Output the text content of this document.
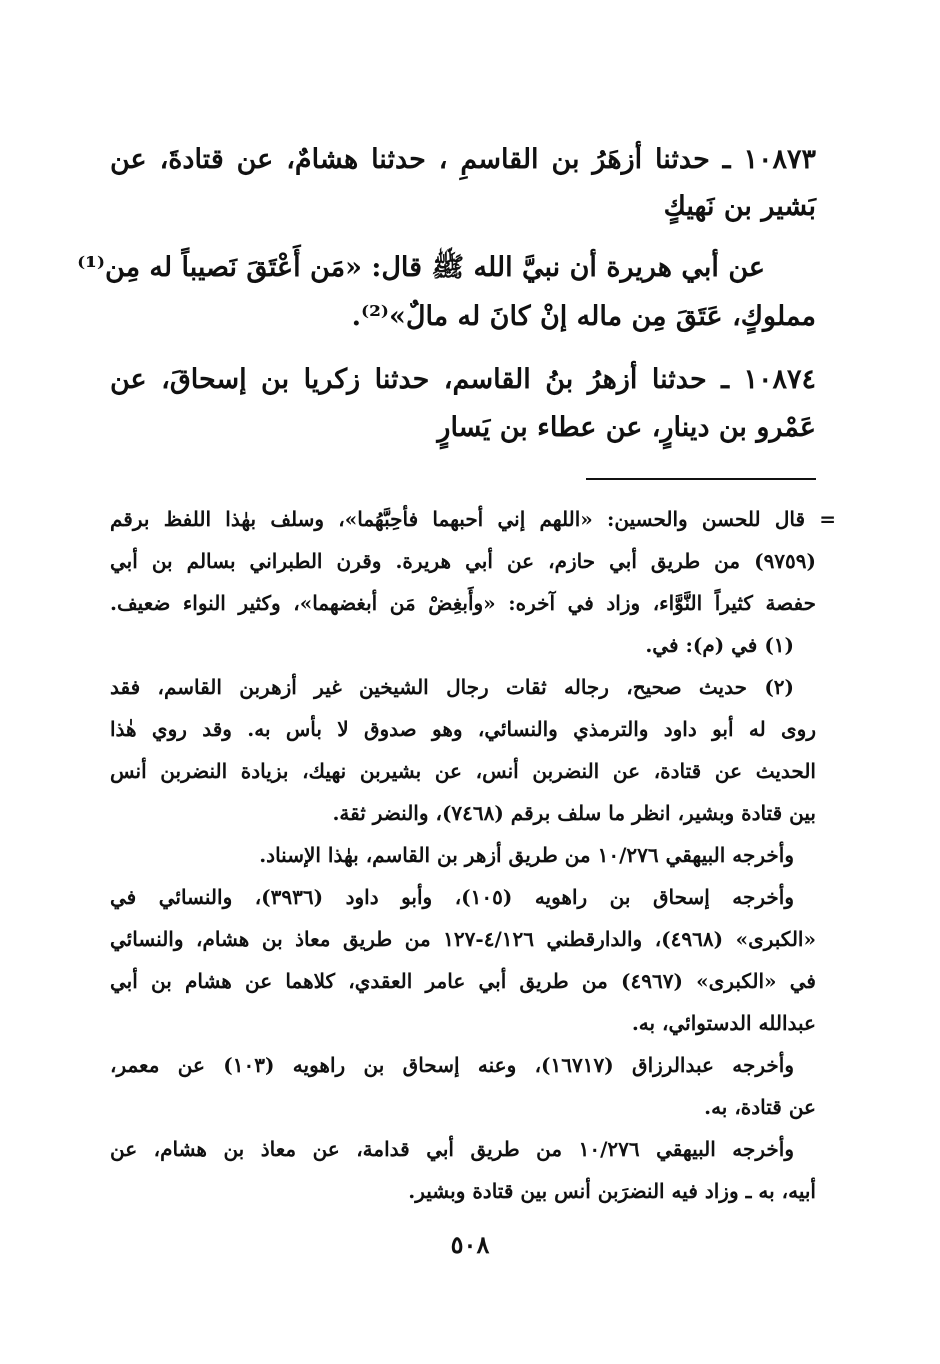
١٠٨٧٣ ـ حدثنا أزهَرُ بن القاسمِ ، حدثنا هشامٌ، عن قتادةَ، عن
بَشير بن نَهيكٍ
عن أبي هريرة أن نبيَّ الله ﷺ قال: «مَن أَعْتَقَ نَصيباً له مِن⁽¹⁾
مملوكٍ، عَتَقَ مِن ماله إنْ كانَ له مالٌ»⁽²⁾.
١٠٨٧٤ ـ حدثنا أزهرُ بنُ القاسم، حدثنا زكريا بن إسحاقَ، عن
عَمْرو بن دينارٍ، عن عطاء بن يَسارٍ
= قال للحسن والحسين: «اللهم إني أحبهما فأحِبَّهُما»، وسلف بهٰذا اللفظ برقم
(٩٧٥٩) من طريق أبي حازم، عن أبي هريرة. وقرن الطبراني بسالم بن أبي
حفصة كثيراً النَّوَّاء، وزاد في آخره: «وأَبغِضْ مَن أبغضهما»، وكثير النواء ضعيف.
(١) في (م): في.
(٢) حديث صحيح، رجاله ثقات رجال الشيخين غير أزهربن القاسم، فقد
روى له أبو داود والترمذي والنسائي، وهو صدوق لا بأس به. وقد روي هٰذا
الحديث عن قتادة، عن النضربن أنس، عن بشيربن نهيك، بزيادة النضربن أنس
بين قتادة وبشير، انظر ما سلف برقم (٧٤٦٨)، والنضر ثقة.
وأخرجه البيهقي ١٠/٢٧٦ من طريق أزهر بن القاسم، بهٰذا الإسناد.
وأخرجه إسحاق بن راهويه (١٠٥)، وأبو داود (٣٩٣٦)، والنسائي في
«الكبرى» (٤٩٦٨)، والدارقطني ٤/١٢٦-١٢٧ من طريق معاذ بن هشام، والنسائي
في «الكبرى» (٤٩٦٧) من طريق أبي عامر العقدي، كلاهما عن هشام بن أبي
عبدالله الدستوائي، به.
وأخرجه عبدالرزاق (١٦٧١٧)، وعنه إسحاق بن راهويه (١٠٣) عن معمر،
عن قتادة، به.
وأخرجه البيهقي ١٠/٢٧٦ من طريق أبي قدامة، عن معاذ بن هشام، عن
أبيه، به ـ وزاد فيه النضرَبن أنس بين قتادة وبشير.
٥٠٨
